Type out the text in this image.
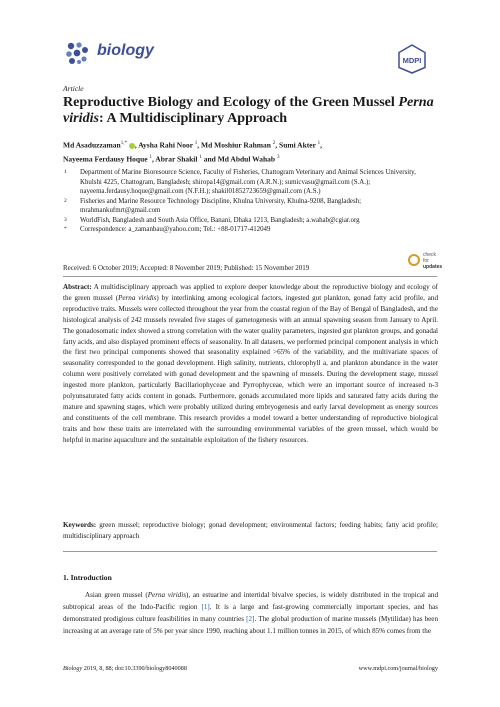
biology
MDPI
Article
Reproductive Biology and Ecology of the Green Mussel Perna viridis: A Multidisciplinary Approach
Md Asaduzzaman$^{1,*}$ , Aysha Rahi Noor $^1$, Md Moshiur Rahman $^2$, Sumi Akter $^1$,
Nayeema Ferdausy Hoque $^1$, Abrar Shakil $^1$ and Md Abdul Wahab $^3$
1	Department of Marine Bioresource Science, Faculty of Fisheries, Chattogram Veterinary and Animal Sciences University, Khulshi 4225, Chattogram, Bangladesh; shiropa14@gmail.com (A.R.N.); sumicvasu@gmail.com (S.A.); nayeema.ferdausy.hoque@gmail.com (N.F.H.); shakil01852723659@gmail.com (A.S.)
2	Fisheries and Marine Resource Technology Discipline, Khulna University, Khulna-9208, Bangladesh; mrahmankufmrt@gmail.com
3	WorldFish, Bangladesh and South Asia Office, Banani, Dhaka 1213, Bangladesh; a.wahab@cgiar.org
*	Correspondence: a_zamanbau@yahoo.com; Tel.: +88-01717-412049
check for
updates
Received: 6 October 2019; Accepted: 8 November 2019; Published: 15 November 2019

Abstract: A multidisciplinary approach was applied to explore deeper knowledge about the reproductive biology and ecology of the green mussel (Perna viridis) by interlinking among ecological factors, ingested gut plankton, gonad fatty acid profile, and reproductive traits. Mussels were collected throughout the year from the coastal region of the Bay of Bengal of Bangladesh, and the histological analysis of 242 mussels revealed five stages of gametogenesis with an annual spawning season from January to April. The gonadosomatic index showed a strong correlation with the water quality parameters, ingested gut plankton groups, and gonadal fatty acids, and also displayed prominent effects of seasonality. In all datasets, we performed principal component analysis in which the first two principal components showed that seasonality explained >65% of the variability, and the multivariate spaces of seasonality corresponded to the gonad development. High salinity, nutrients, chlorophyll a, and plankton abundance in the water column were positively correlated with gonad development and the spawning of mussels. During the development stage, mussel ingested more plankton, particularly Bacillariophyceae and Pyrrophyceae, which were an important source of increased n-3 polyunsaturated fatty acids content in gonads. Furthermore, gonads accumulated more lipids and saturated fatty acids during the mature and spawning stages, which were probably utilized during embryogenesis and early larval development as energy sources and constituents of the cell membrane. This research provides a model toward a better understanding of reproductive biological traits and how these traits are interrelated with the surrounding environmental variables of the green mussel, which would be helpful in marine aquaculture and the sustainable exploitation of the fishery resources.

Keywords: green mussel; reproductive biology; gonad development; environmental factors; feeding habits; fatty acid profile; multidisciplinary approach

1. Introduction

Asian green mussel (Perna viridis), an estuarine and intertidal bivalve species, is widely distributed in the tropical and subtropical areas of the Indo-Pacific region [1]. It is a large and fast-growing commercially important species, and has demonstrated prodigious culture feasibilities in many countries [2]. The global production of marine mussels (Mytilidae) has been increasing at an average rate of 5% per year since 1990, reaching about 1.1 million tonnes in 2015, of which 85% comes from the

Biology 2019, 8, 88; doi:10.3390/biology8040088	www.mdpi.com/journal/biology
